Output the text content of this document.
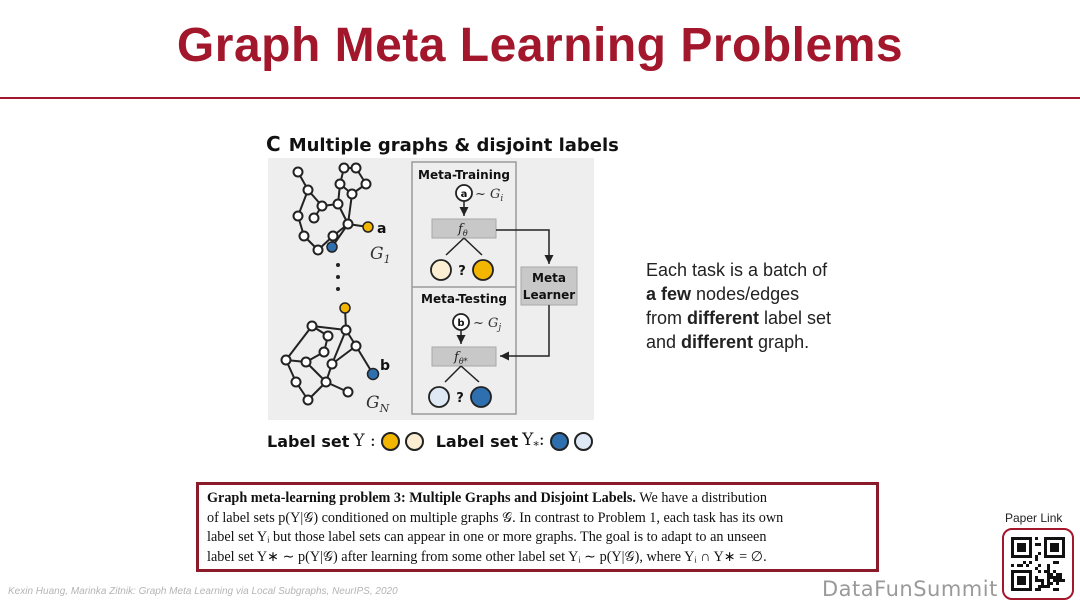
Graph Meta Learning Problems
C Multiple graphs & disjoint labels
a
$G_1$
b
$G_N$
Meta-Training
a ~ $G_i$
$f_\theta$
?
Meta-Testing
b ~ $G_j$
$f_{\theta*}$
?
Meta
Learner
Each task is a batch of
a few nodes/edges
from different label set
and different graph.
Label set Y :	Label set $Y_*$:
Graph meta-learning problem 3: Multiple Graphs and Disjoint Labels. We have a distribution
of label sets p(Y|𝒢) conditioned on multiple graphs 𝒢. In contrast to Problem 1, each task has its own
label set Yᵢ but those label sets can appear in one or more graphs. The goal is to adapt to an unseen
label set Y∗ ∼ p(Y|𝒢) after learning from some other label set Yᵢ ∼ p(Y|𝒢), where Yᵢ ∩ Y∗ = ∅.
Kexin Huang, Marinka Zitnik: Graph Meta Learning via Local Subgraphs, NeurIPS, 2020	DataFunSummit
Paper Link
